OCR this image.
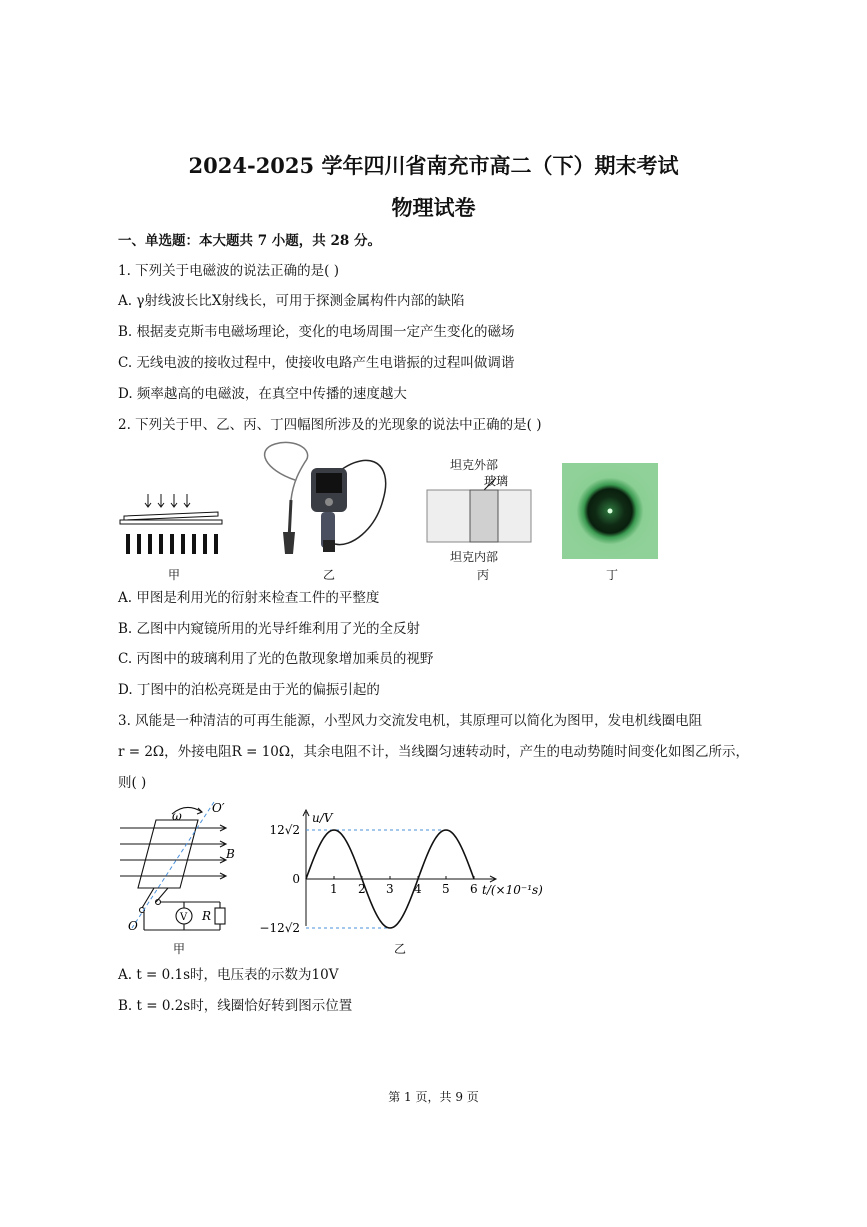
2024-2025 学年四川省南充市高二（下）期末考试
物理试卷
一、单选题：本大题共 7 小题，共 28 分。
1. 下列关于电磁波的说法正确的是( )
A. γ射线波长比X射线长，可用于探测金属构件内部的缺陷
B. 根据麦克斯韦电磁场理论，变化的电场周围一定产生变化的磁场
C. 无线电波的接收过程中，使接收电路产生电谐振的过程叫做调谐
D. 频率越高的电磁波，在真空中传播的速度越大
2. 下列关于甲、乙、丙、丁四幅图所涉及的光现象的说法中正确的是( )
甲	乙
坦克外部
玻璃
坦克内部
丙	丁
A. 甲图是利用光的衍射来检查工件的平整度
B. 乙图中内窥镜所用的光导纤维利用了光的全反射
C. 丙图中的玻璃利用了光的色散现象增加乘员的视野
D. 丁图中的泊松亮斑是由于光的偏振引起的
3. 风能是一种清洁的可再生能源，小型风力交流发电机，其原理可以简化为图甲，发电机线圈电阻
r = 2Ω，外接电阻R = 10Ω，其余电阻不计，当线圈匀速转动时，产生的电动势随时间变化如图乙所示，
则( )
ω
O′
B
O
V R
甲
1 2 3 4 5 6
12√2
0
−12√2
u/V
t/(×10⁻¹s)
乙
A. t = 0.1s时，电压表的示数为10V
B. t = 0.2s时，线圈恰好转到图示位置
第 1 页，共 9 页
